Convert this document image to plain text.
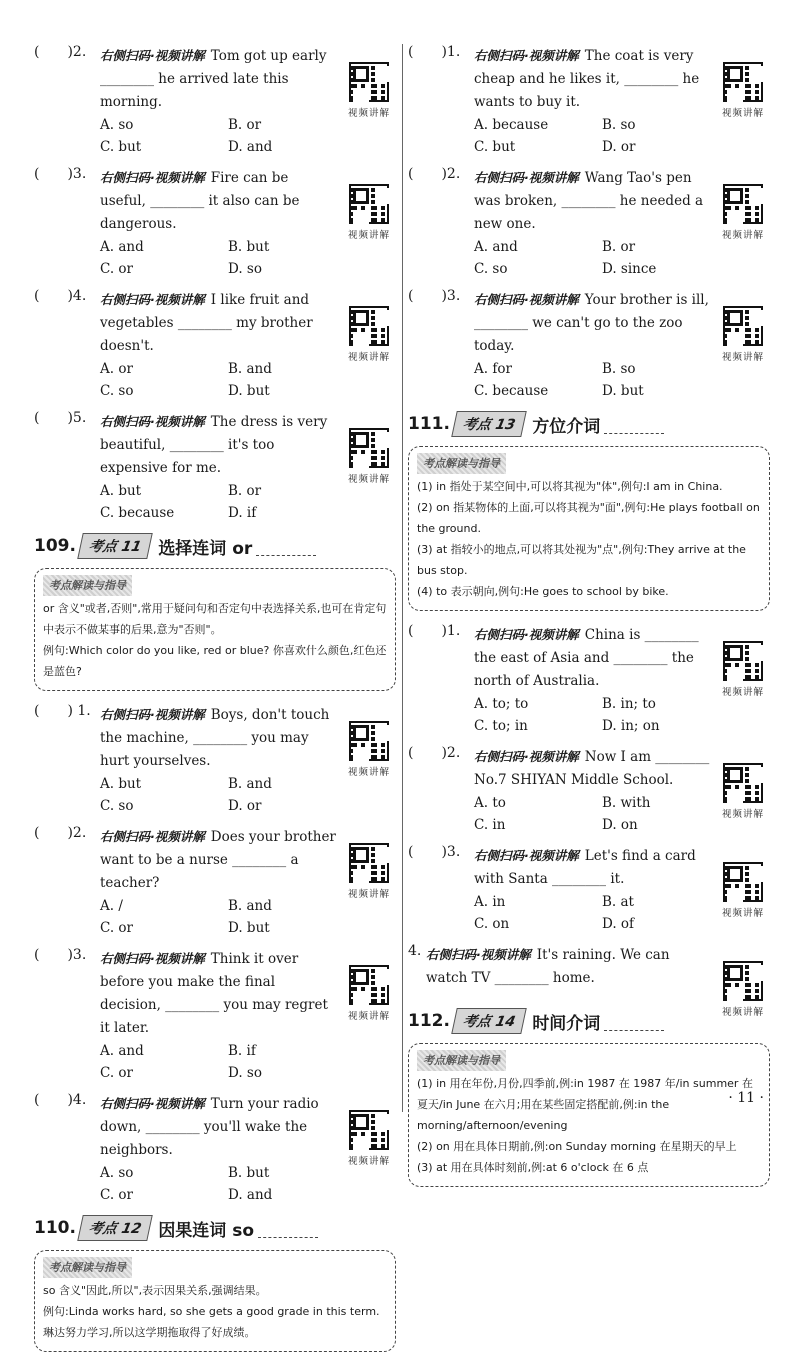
( )2.	右侧扫码·视频讲解 Tom got up early ________ he arrived late this morning.
A. so	B. or
C. but	D. and
视频讲解
( )3.	右侧扫码·视频讲解 Fire can be useful, ________ it also can be dangerous.
A. and	B. but
C. or	D. so
视频讲解
( )4.	右侧扫码·视频讲解 I like fruit and vegetables ________ my brother doesn't.
A. or	B. and
C. so	D. but
视频讲解
( )5.	右侧扫码·视频讲解 The dress is very beautiful, ________ it's too expensive for me.
A. but	B. or
C. because	D. if
视频讲解
109. 考点 11 选择连词 or
考点解读与指导
or 含义"或者,否则",常用于疑问句和否定句中表选择关系,也可在肯定句中表示不做某事的后果,意为"否则"。
例句:Which color do you like, red or blue? 你喜欢什么颜色,红色还是蓝色?
( ) 1. 右侧扫码·视频讲解 Boys, don't touch the machine, ________ you may hurt yourselves.
A. but	B. and
C. so	D. or
视频讲解
( )2.	右侧扫码·视频讲解 Does your brother want to be a nurse ________ a teacher?
A. /	B. and
C. or	D. but
视频讲解
( )3.	右侧扫码·视频讲解 Think it over before you make the final decision, ________ you may regret it later.
A. and	B. if
C. or	D. so
视频讲解
( )4.	右侧扫码·视频讲解 Turn your radio down, ________ you'll wake the neighbors.
A. so	B. but
C. or	D. and
视频讲解
110. 考点 12 因果连词 so
考点解读与指导
so 含义"因此,所以",表示因果关系,强调结果。
例句:Linda works hard, so she gets a good grade in this term. 琳达努力学习,所以这学期拖取得了好成绩。
( )1.	右侧扫码·视频讲解 The coat is very cheap and he likes it, ________ he wants to buy it.
A. because	B. so
C. but	D. or
视频讲解
( )2.	右侧扫码·视频讲解 Wang Tao's pen was broken, ________ he needed a new one.
A. and	B. or
C. so	D. since
视频讲解
( )3.	右侧扫码·视频讲解 Your brother is ill, ________ we can't go to the zoo today.
A. for	B. so
C. because	D. but
视频讲解
111. 考点 13 方位介词
考点解读与指导
(1) in 指处于某空间中,可以将其视为"体",例句:I am in China.
(2) on 指某物体的上面,可以将其视为"面",例句:He plays football on the ground.
(3) at 指较小的地点,可以将其处视为"点",例句:They arrive at the bus stop.
(4) to 表示朝向,例句:He goes to school by bike.
( )1.	右侧扫码·视频讲解 China is ________ the east of Asia and ________ the north of Australia.
A. to; to	B. in; to
C. to; in	D. in; on
视频讲解
( )2.	右侧扫码·视频讲解 Now I am ________ No.7 SHIYAN Middle School.
A. to	B. with
C. in	D. on
视频讲解
( )3.	右侧扫码·视频讲解 Let's find a card with Santa ________ it.
A. in	B. at
C. on	D. of
视频讲解
4. 右侧扫码·视频讲解 It's raining. We can watch TV ________ home.
视频讲解
112. 考点 14 时间介词
考点解读与指导
(1) in 用在年份,月份,四季前,例:in 1987 在 1987 年/in summer 在夏天/in June 在六月;用在某些固定搭配前,例:in the morning/afternoon/evening
(2) on 用在具体日期前,例:on Sunday morning 在星期天的早上
(3) at 用在具体时刻前,例:at 6 o'clock 在 6 点
· 11 ·
